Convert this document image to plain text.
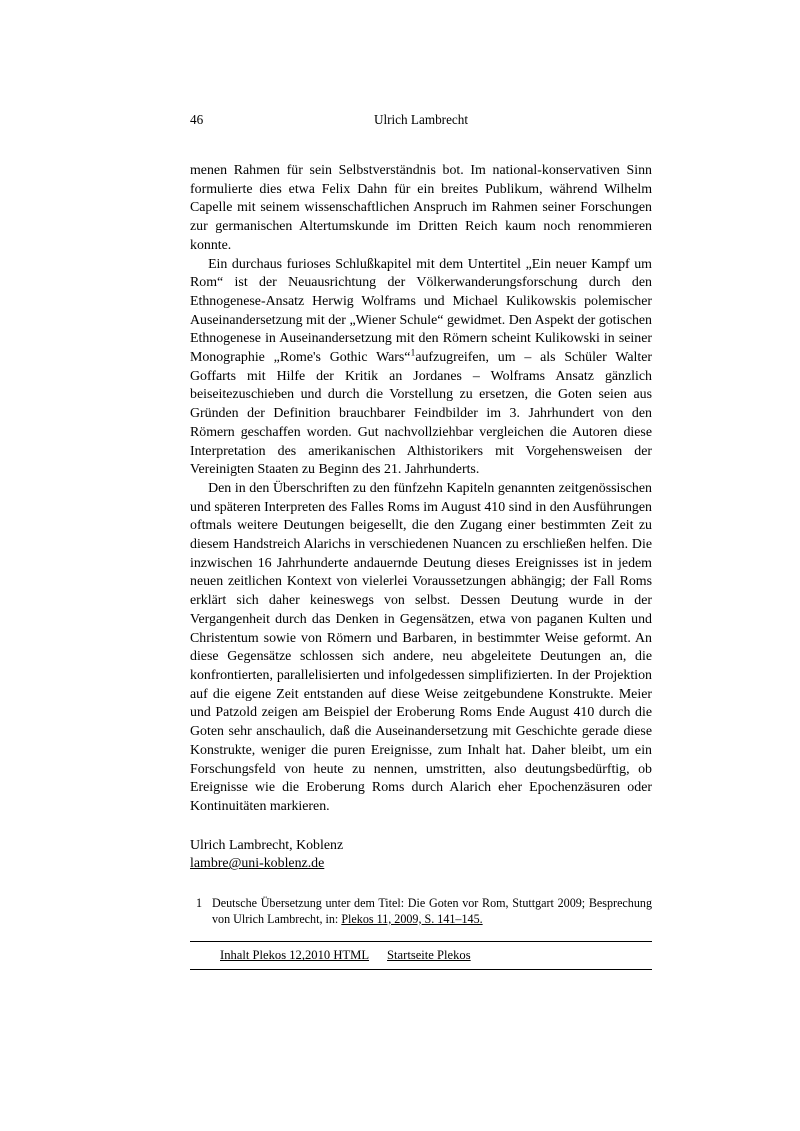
46	Ulrich Lambrecht

menen Rahmen für sein Selbstverständnis bot. Im national-konservativen Sinn formulierte dies etwa Felix Dahn für ein breites Publikum, während Wilhelm Capelle mit seinem wissenschaftlichen Anspruch im Rahmen seiner Forschungen zur germanischen Altertumskunde im Dritten Reich kaum noch renommieren konnte.

Ein durchaus furioses Schlußkapitel mit dem Untertitel „Ein neuer Kampf um Rom“ ist der Neuausrichtung der Völkerwanderungsforschung durch den Ethnogenese-Ansatz Herwig Wolframs und Michael Kulikowskis polemischer Auseinandersetzung mit der „Wiener Schule“ gewidmet. Den Aspekt der gotischen Ethnogenese in Auseinandersetzung mit den Römern scheint Kulikowski in seiner Monographie „Rome's Gothic Wars“$^1$aufzugreifen, um – als Schüler Walter Goffarts mit Hilfe der Kritik an Jordanes – Wolframs Ansatz gänzlich beiseitezuschieben und durch die Vorstellung zu ersetzen, die Goten seien aus Gründen der Definition brauchbarer Feindbilder im 3. Jahrhundert von den Römern geschaffen worden. Gut nachvollziehbar vergleichen die Autoren diese Interpretation des amerikanischen Althistorikers mit Vorgehensweisen der Vereinigten Staaten zu Beginn des 21. Jahrhunderts.

Den in den Überschriften zu den fünfzehn Kapiteln genannten zeitgenössischen und späteren Interpreten des Falles Roms im August 410 sind in den Ausführungen oftmals weitere Deutungen beigesellt, die den Zugang einer bestimmten Zeit zu diesem Handstreich Alarichs in verschiedenen Nuancen zu erschließen helfen. Die inzwischen 16 Jahrhunderte andauernde Deutung dieses Ereignisses ist in jedem neuen zeitlichen Kontext von vielerlei Voraussetzungen abhängig; der Fall Roms erklärt sich daher keineswegs von selbst. Dessen Deutung wurde in der Vergangenheit durch das Denken in Gegensätzen, etwa von paganen Kulten und Christentum sowie von Römern und Barbaren, in bestimmter Weise geformt. An diese Gegensätze schlossen sich andere, neu abgeleitete Deutungen an, die konfrontierten, parallelisierten und infolgedessen simplifizierten. In der Projektion auf die eigene Zeit entstanden auf diese Weise zeitgebundene Konstrukte. Meier und Patzold zeigen am Beispiel der Eroberung Roms Ende August 410 durch die Goten sehr anschaulich, daß die Auseinandersetzung mit Geschichte gerade diese Konstrukte, weniger die puren Ereignisse, zum Inhalt hat. Daher bleibt, um ein Forschungsfeld von heute zu nennen, umstritten, also deutungsbedürftig, ob Ereignisse wie die Eroberung Roms durch Alarich eher Epochenzäsuren oder Kontinuitäten markieren.

Ulrich Lambrecht, Koblenz
lambre@uni-koblenz.de
1 Deutsche Übersetzung unter dem Titel: Die Goten vor Rom, Stuttgart 2009; Besprechung von Ulrich Lambrecht, in: Plekos 11, 2009, S. 141–145.
Inhalt Plekos 12,2010 HTML Startseite Plekos
